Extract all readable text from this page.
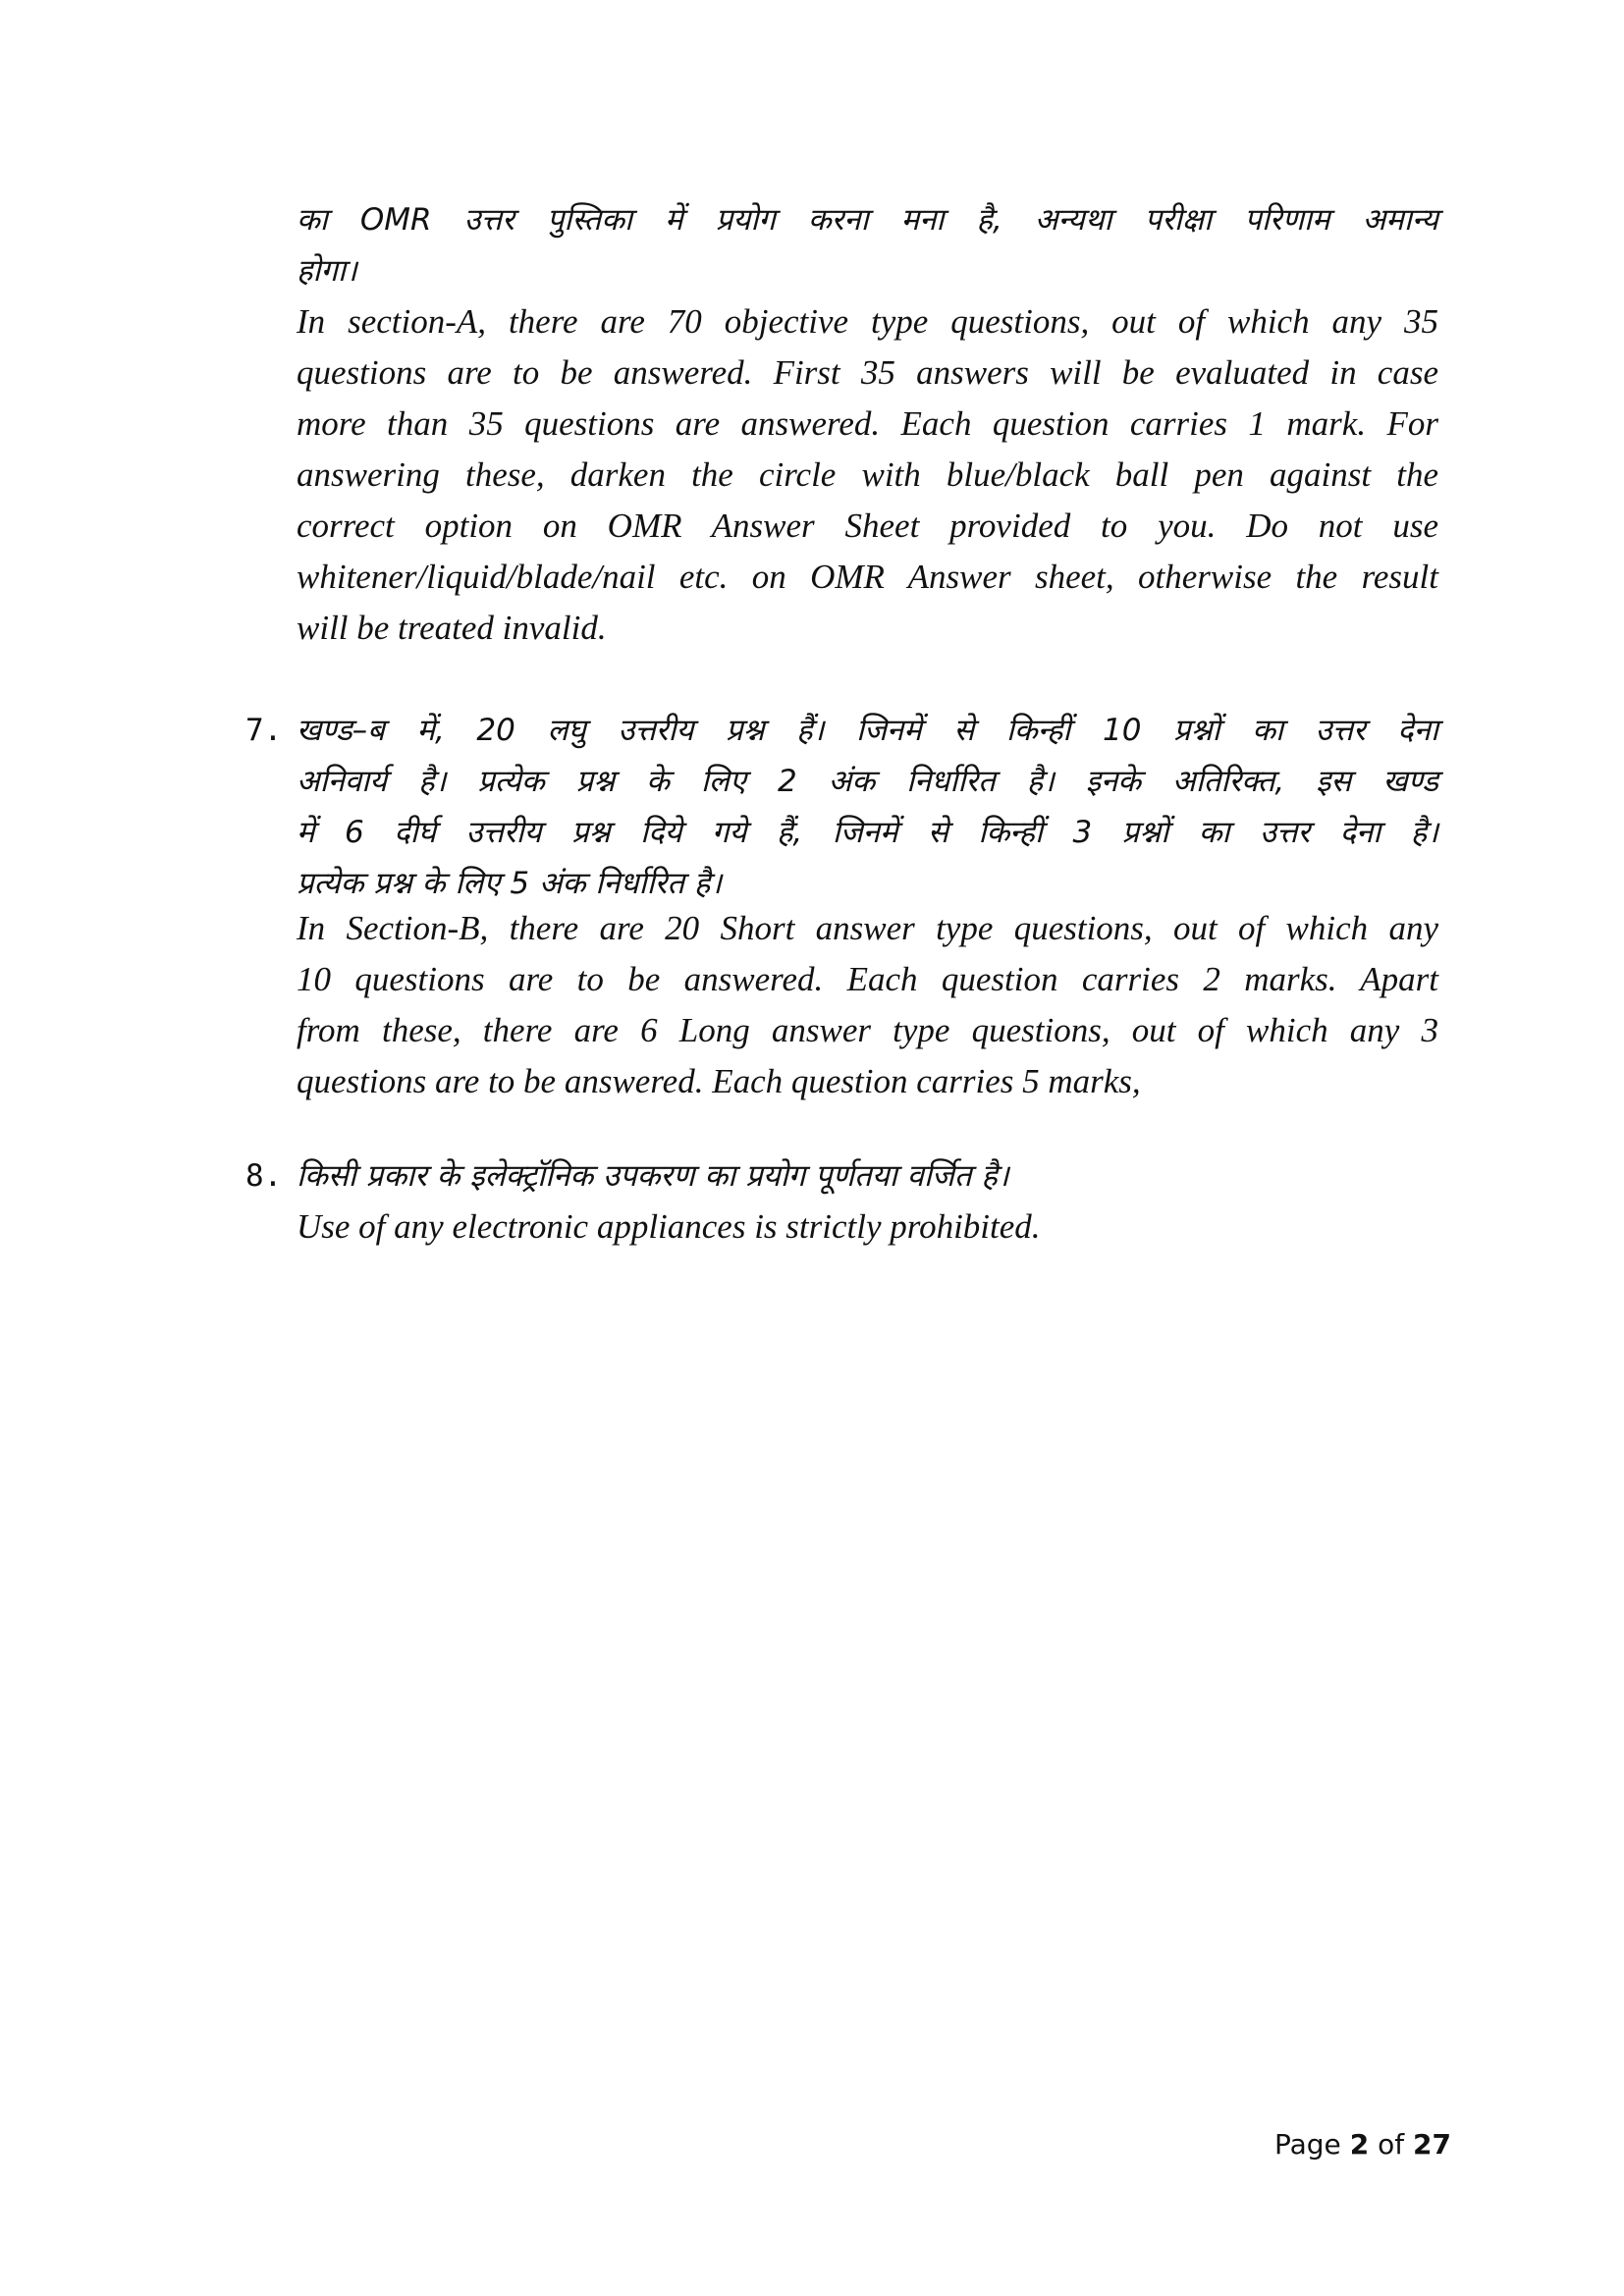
का OMR उत्तर पुस्तिका में प्रयोग करना मना है, अन्यथा परीक्षा परिणाम अमान्य
होगा।
In section-A, there are 70 objective type questions, out of which any 35
questions are to be answered. First 35 answers will be evaluated in case
more than 35 questions are answered. Each question carries 1 mark. For
answering these, darken the circle with blue/black ball pen against the
correct option on OMR Answer Sheet provided to you. Do not use
whitener/liquid/blade/nail etc. on OMR Answer sheet, otherwise the result
will be treated invalid.
7. खण्ड–ब में, 20 लघु उत्तरीय प्रश्न हैं। जिनमें से किन्हीं 10 प्रश्नों का उत्तर देना
अनिवार्य है। प्रत्येक प्रश्न के लिए 2 अंक निर्धारित है। इनके अतिरिक्त, इस खण्ड
में 6 दीर्घ उत्तरीय प्रश्न दिये गये हैं, जिनमें से किन्हीं 3 प्रश्नों का उत्तर देना है।
प्रत्येक प्रश्न के लिए 5 अंक निर्धारित है।
In Section-B, there are 20 Short answer type questions, out of which any
10 questions are to be answered. Each question carries 2 marks. Apart
from these, there are 6 Long answer type questions, out of which any 3
questions are to be answered. Each question carries 5 marks,
8. किसी प्रकार के इलेक्ट्रॉनिक उपकरण का प्रयोग पूर्णतया वर्जित है।
Use of any electronic appliances is strictly prohibited.
Page 2 of 27
